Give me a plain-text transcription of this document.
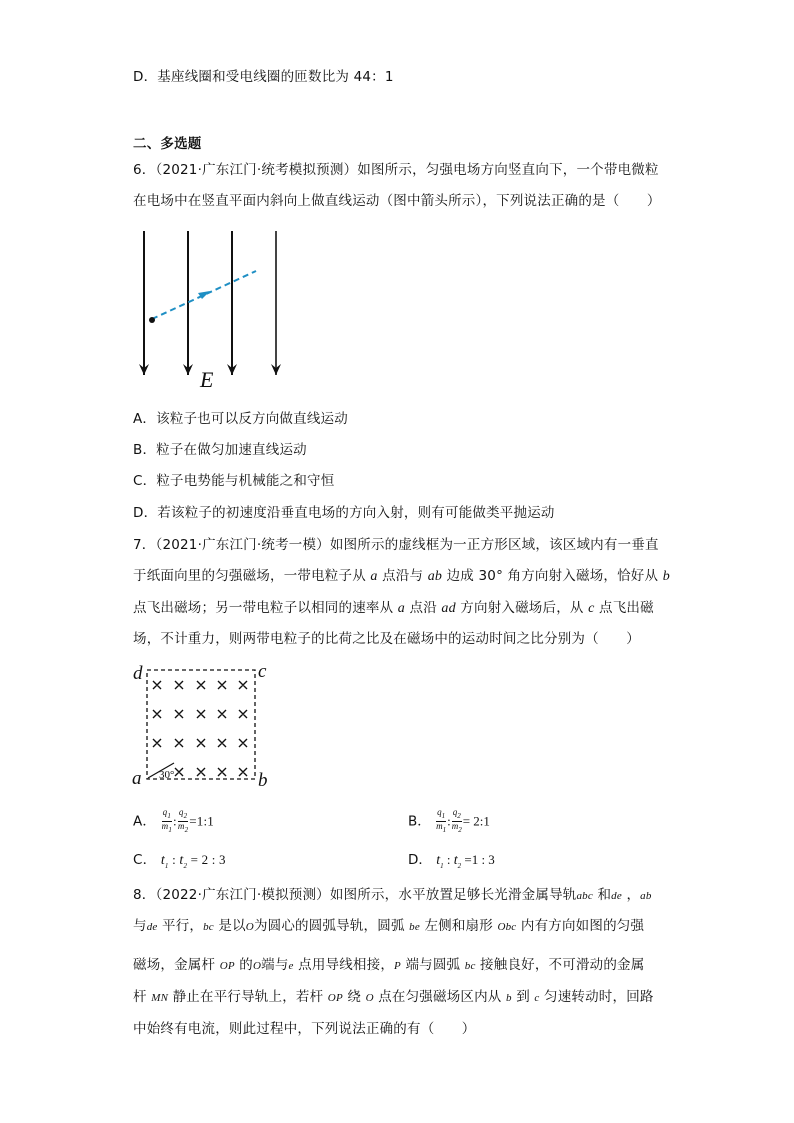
D．基座线圈和受电线圈的匝数比为 44：1
二、多选题
6．（2021·广东江门·统考模拟预测）如图所示，匀强电场方向竖直向下，一个带电微粒
在电场中在竖直平面内斜向上做直线运动（图中箭头所示），下列说法正确的是（　　）
E
A．该粒子也可以反方向做直线运动
B．粒子在做匀加速直线运动
C．粒子电势能与机械能之和守恒
D．若该粒子的初速度沿垂直电场的方向入射，则有可能做类平抛运动
7．（2021·广东江门·统考一模）如图所示的虚线框为一正方形区域，该区域内有一垂直
于纸面向里的匀强磁场，一带电粒子从 a 点沿与 ab 边成 30° 角方向射入磁场，恰好从 b
点飞出磁场；另一带电粒子以相同的速率从 a 点沿 ad 方向射入磁场后，从 c 点飞出磁
场，不计重力，则两带电粒子的比荷之比及在磁场中的运动时间之比分别为（　　）
d	c
a	b
30°
A． $\frac{q_1}{m_1}$ : $\frac{q_2}{m_2}$ =1:1	B． $\frac{q_1}{m_1}$ : $\frac{q_2}{m_2}$ = 2:1
C． $t_1$ : $t_2 = 2$ : 3	D． $t_1$ : $t_2 =1$ : 3
8．（2022·广东江门·模拟预测）如图所示，水平放置足够长光滑金属导轨abc 和de ，ab
与de 平行，bc 是以O为圆心的圆弧导轨，圆弧 be 左侧和扇形 Obc 内有方向如图的匀强
磁场，金属杆 OP 的O端与e 点用导线相接，P 端与圆弧 bc 接触良好，不可滑动的金属
杆 MN 静止在平行导轨上，若杆 OP 绕 O 点在匀强磁场区内从 b 到 c 匀速转动时，回路
中始终有电流，则此过程中，下列说法正确的有（　　）
